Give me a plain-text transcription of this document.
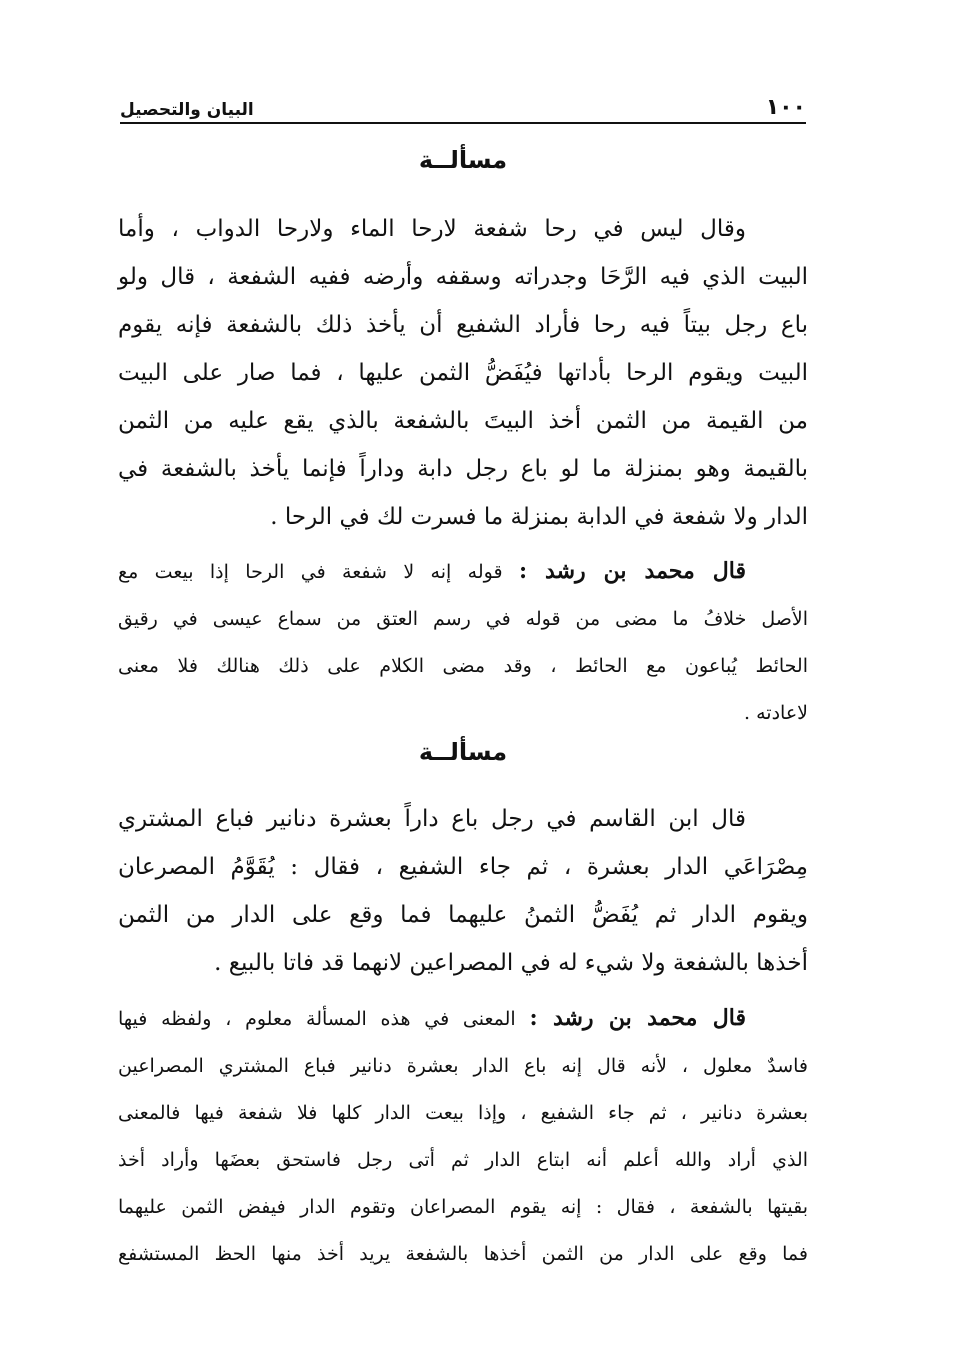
١٠٠
البيان والتحصيل
مسألــة
وقال ليس في رحا شفعة لارحا الماء ولارحا الدواب ، وأما
البيت الذي فيه الرَّحَا وجدراته وسقفه وأرضه ففيه الشفعة ، قال ولو
باع رجل بيتاً فيه رحا فأراد الشفيع أن يأخذ ذلك بالشفعة فإنه يقوم
البيت ويقوم الرحا بأداتها فيُفَضُّ الثمن عليها ، فما صار على البيت
من القيمة من الثمن أخذ البيتَ بالشفعة بالذي يقع عليه من الثمن
بالقيمة وهو بمنزلة ما لو باع رجل دابة وداراً فإنما يأخذ بالشفعة في
الدار ولا شفعة في الدابة بمنزلة ما فسرت لك في الرحا .
قال محمد بن رشد : قوله إنه لا شفعة في الرحا إذا بيعت مع
الأصل خلافُ ما مضى من قوله في رسم العتق من سماع عيسى في رقيق
الحائط يُباعون مع الحائط ، وقد مضى الكلام على ذلك هنالك فلا معنى
لاعادته .
مسألــة
قال ابن القاسم في رجل باع داراً بعشرة دنانير فباع المشتري
مِصْرَاعَي الدار بعشرة ، ثم جاء الشفيع ، فقال : يُقَوَّمُ المصرعان
ويقوم الدار ثم يُفَضُّ الثمنُ عليهما فما وقع على الدار من الثمن
أخذها بالشفعة ولا شيء له في المصراعين لانهما قد فاتا بالبيع .
قال محمد بن رشد : المعنى في هذه المسألة معلوم ، ولفظه فيها
فاسدٌ معلول ، لأنه قال إنه باع الدار بعشرة دنانير فباع المشتري المصراعين
بعشرة دنانير ، ثم جاء الشفيع ، وإذا بيعت الدار كلها فلا شفعة فيها فالمعنى
الذي أراد والله أعلم أنه ابتاع الدار ثم أتى رجل فاستحق بعضَها وأراد أخذ
بقيتها بالشفعة ، فقال : إنه يقوم المصراعان وتقوم الدار فيفض الثمن عليهما
فما وقع على الدار من الثمن أخذها بالشفعة يريد أخذ منها الحظ المستشفع
